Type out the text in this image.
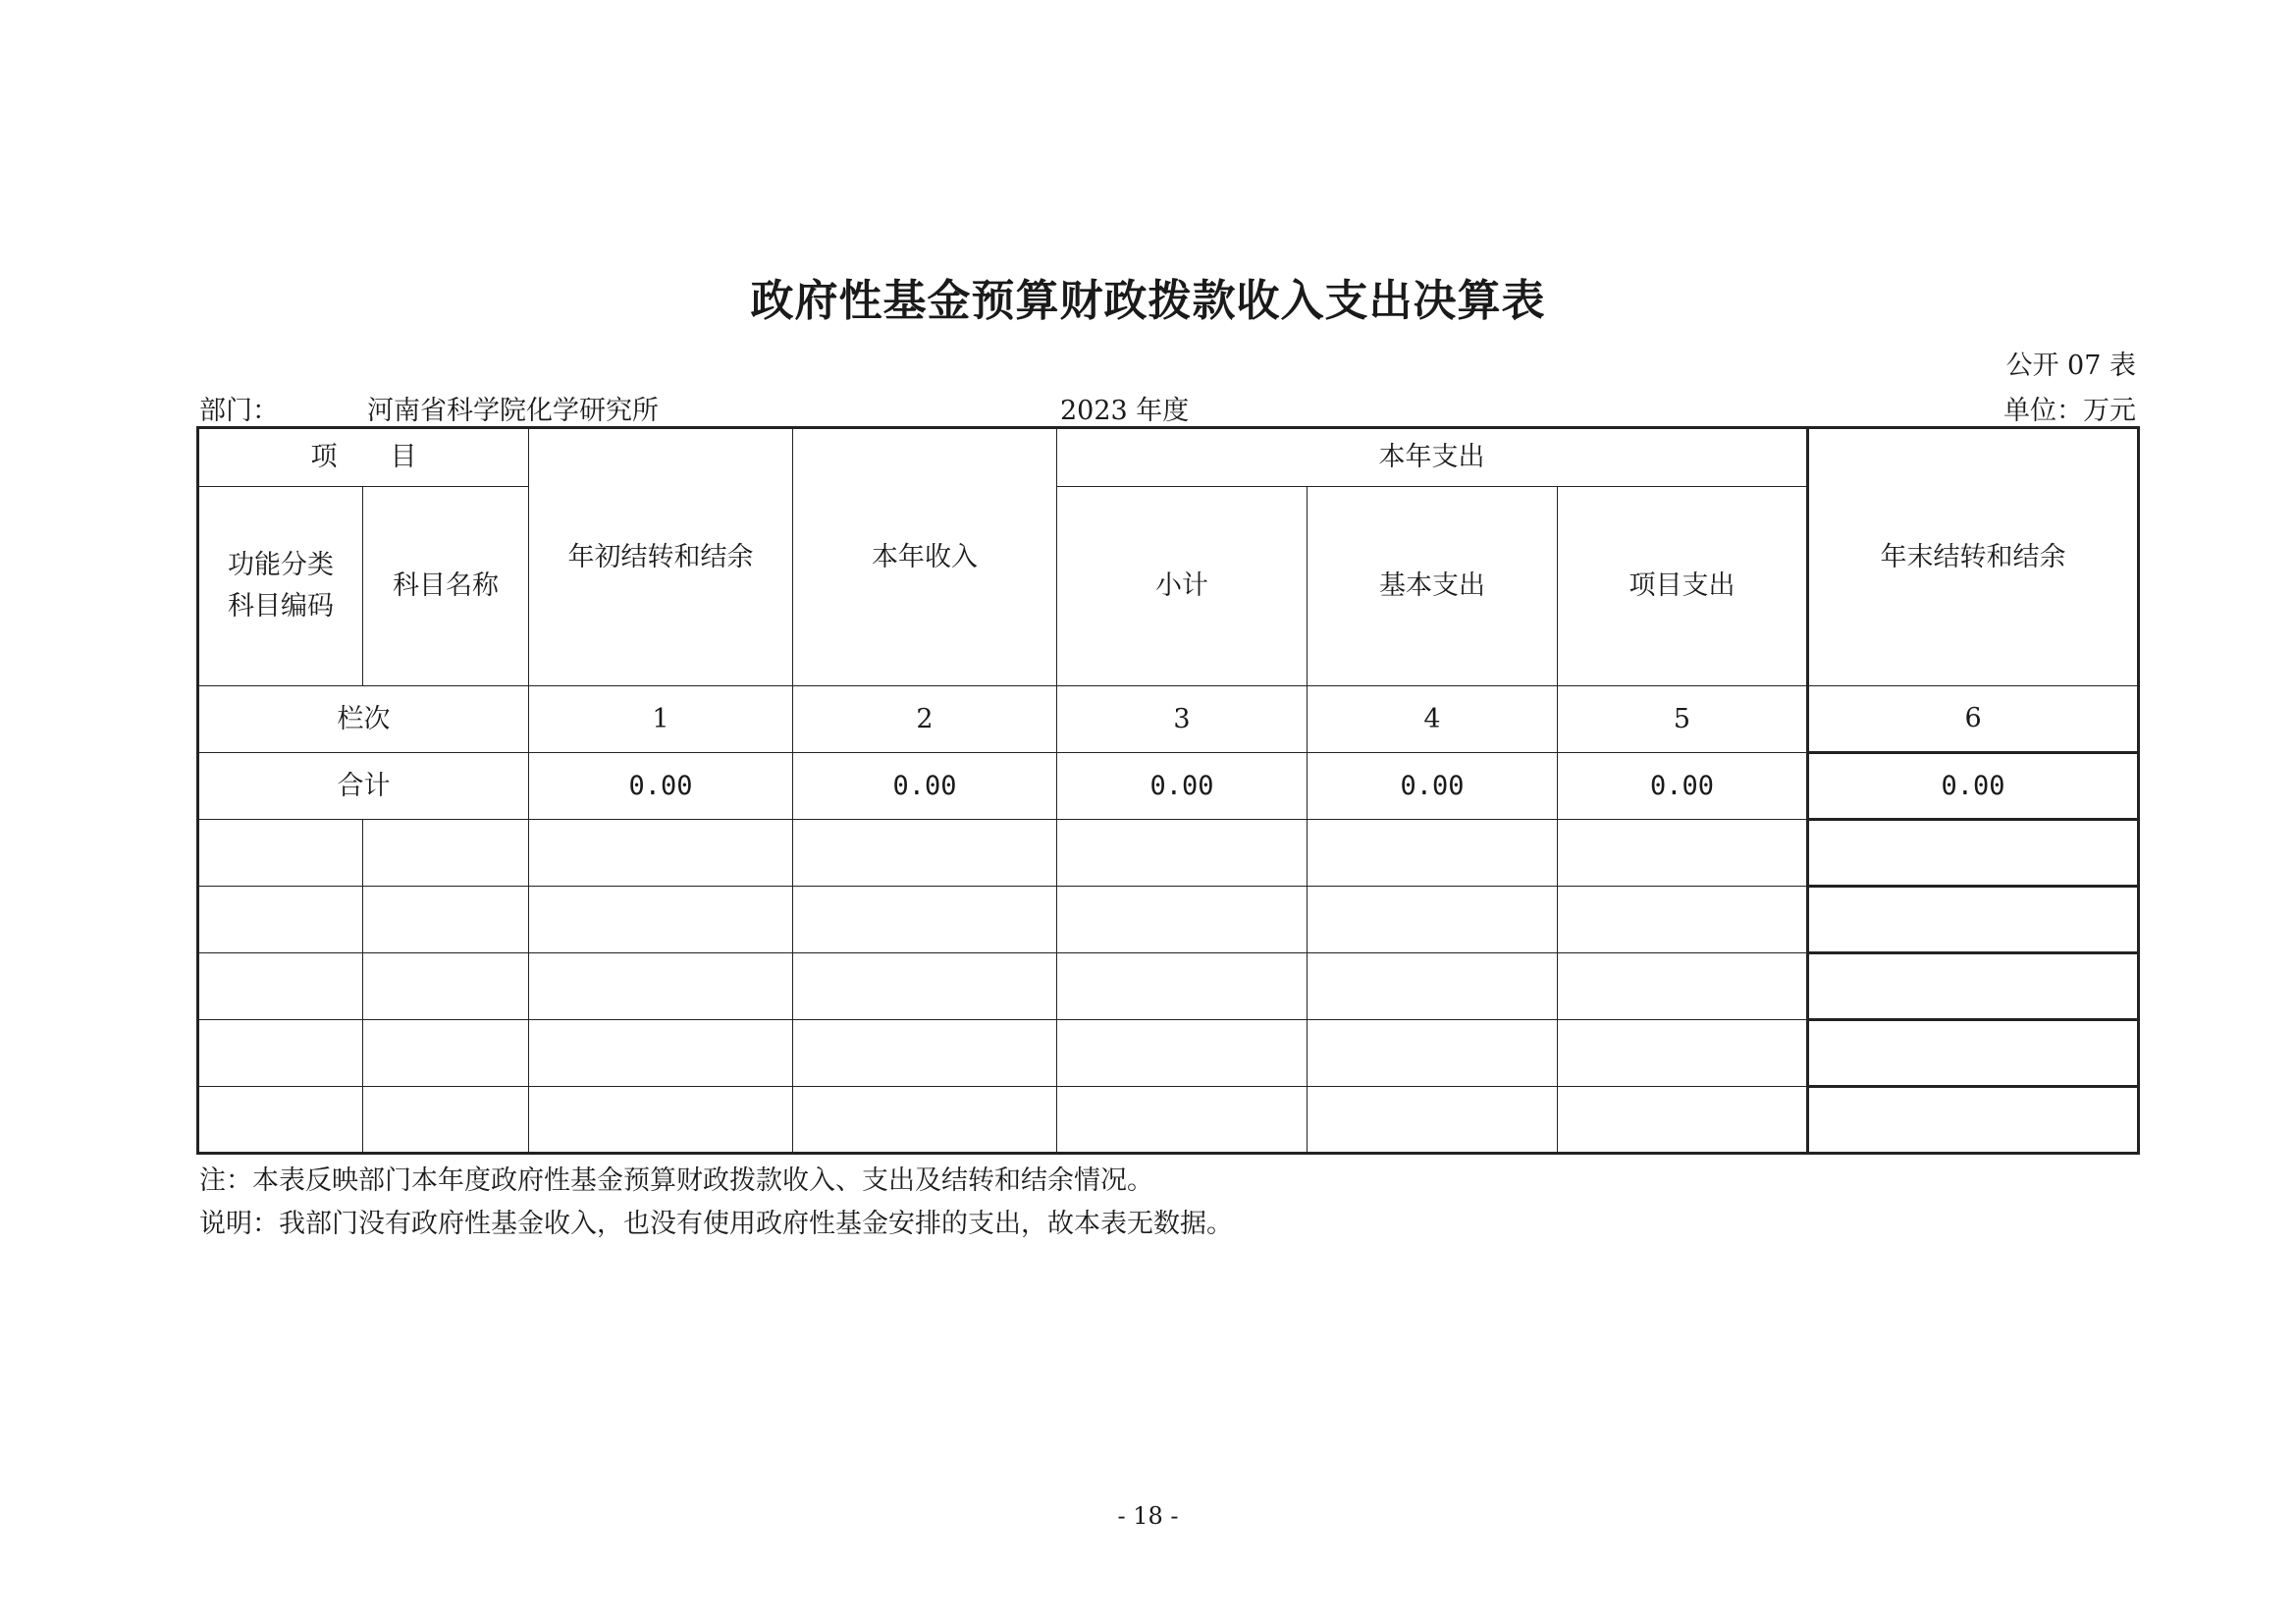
政府性基金预算财政拨款收入支出决算表
公开 07 表
部门：	河南省科学院化学研究所	2023 年度	单位：万元
项　　目		年初结转和结余	本年收入	本年支出			年末结转和结余

功能分类
科目编码	科目名称			小计	基本支出	项目支出	
栏次		1	2	3	4	5	6
合计		0.00	0.00	0.00	0.00	0.00	0.00

注：本表反映部门本年度政府性基金预算财政拨款收入、支出及结转和结余情况。
说明：我部门没有政府性基金收入，也没有使用政府性基金安排的支出，故本表无数据。
- 18 -
